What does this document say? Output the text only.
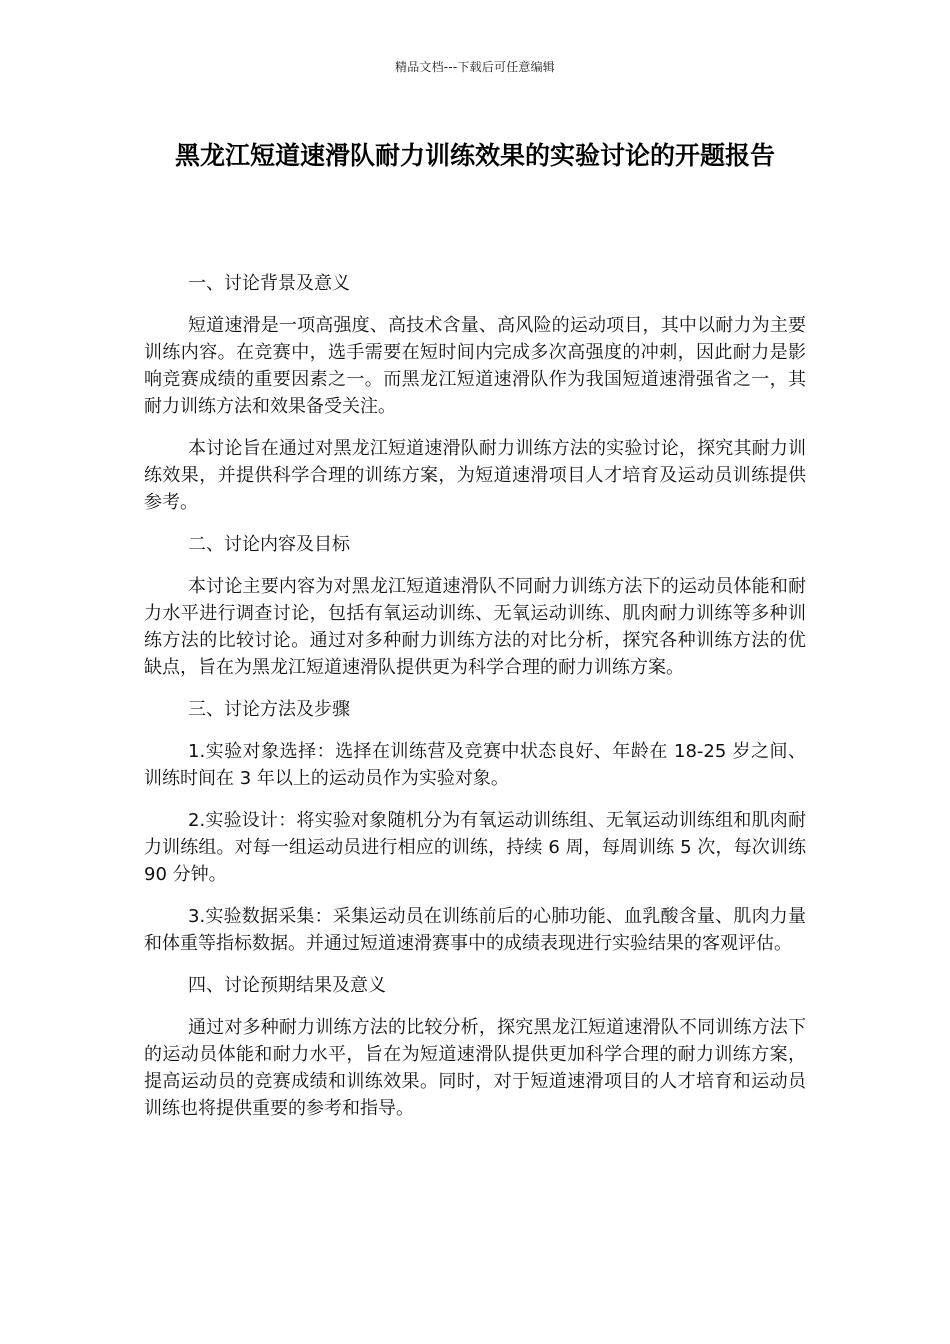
精品文档---下载后可任意编辑
黑龙江短道速滑队耐力训练效果的实验讨论的开题报告

一、讨论背景及意义

短道速滑是一项高强度、高技术含量、高风险的运动项目，其中以耐力为主要训练内容。在竞赛中，选手需要在短时间内完成多次高强度的冲刺，因此耐力是影响竞赛成绩的重要因素之一。而黑龙江短道速滑队作为我国短道速滑强省之一，其耐力训练方法和效果备受关注。

本讨论旨在通过对黑龙江短道速滑队耐力训练方法的实验讨论，探究其耐力训练效果，并提供科学合理的训练方案，为短道速滑项目人才培育及运动员训练提供参考。

二、讨论内容及目标

本讨论主要内容为对黑龙江短道速滑队不同耐力训练方法下的运动员体能和耐力水平进行调查讨论，包括有氧运动训练、无氧运动训练、肌肉耐力训练等多种训练方法的比较讨论。通过对多种耐力训练方法的对比分析，探究各种训练方法的优缺点，旨在为黑龙江短道速滑队提供更为科学合理的耐力训练方案。

三、讨论方法及步骤

1.实验对象选择：选择在训练营及竞赛中状态良好、年龄在 18-25 岁之间、训练时间在 3 年以上的运动员作为实验对象。

2.实验设计：将实验对象随机分为有氧运动训练组、无氧运动训练组和肌肉耐力训练组。对每一组运动员进行相应的训练，持续 6 周，每周训练 5 次，每次训练 90 分钟。

3.实验数据采集：采集运动员在训练前后的心肺功能、血乳酸含量、肌肉力量和体重等指标数据。并通过短道速滑赛事中的成绩表现进行实验结果的客观评估。

四、讨论预期结果及意义

通过对多种耐力训练方法的比较分析，探究黑龙江短道速滑队不同训练方法下的运动员体能和耐力水平，旨在为短道速滑队提供更加科学合理的耐力训练方案，提高运动员的竞赛成绩和训练效果。同时，对于短道速滑项目的人才培育和运动员训练也将提供重要的参考和指导。
